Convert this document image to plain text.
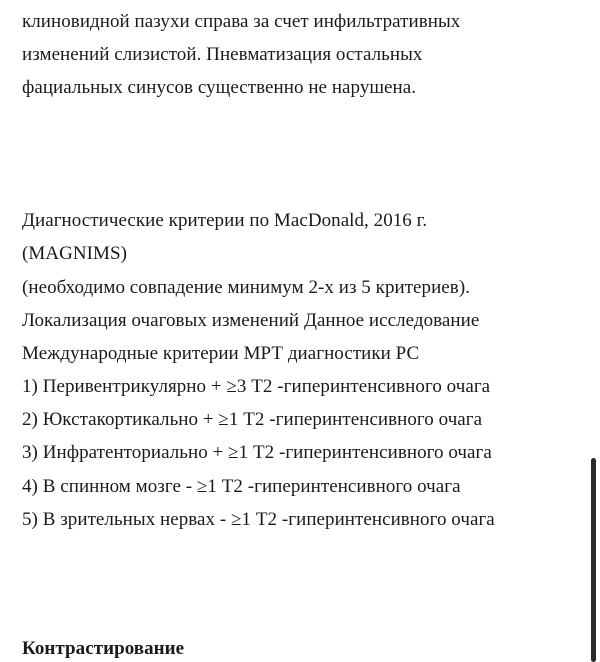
клиновидной пазухи справа за счет инфильтративных
изменений слизистой. Пневматизация остальных
фациальных синусов существенно не нарушена.
Диагностические критерии по MacDonald, 2016 г.
(MAGNIMS)
(необходимо совпадение минимум 2-х из 5 критериев).
Локализация очаговых изменений Данное исследование
Международные критерии МРТ диагностики РС
1) Перивентрикулярно + ≥3 Т2 -гиперинтенсивного очага
2) Юкстакортикально + ≥1 Т2 -гиперинтенсивного очага
3) Инфратенториально + ≥1 Т2 -гиперинтенсивного очага
4) В спинном мозге - ≥1 Т2 -гиперинтенсивного очага
5) В зрительных нервах - ≥1 Т2 -гиперинтенсивного очага
Контрастирование
